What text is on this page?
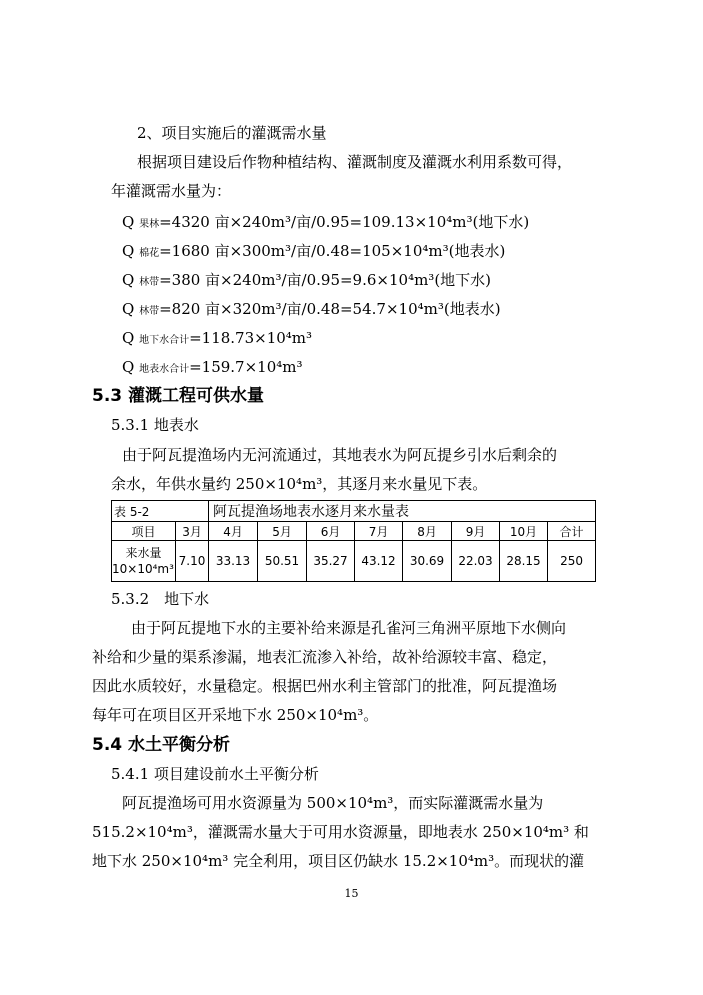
2、项目实施后的灌溉需水量
根据项目建设后作物种植结构、灌溉制度及灌溉水利用系数可得，
年灌溉需水量为：
Q 果林=4320 亩×240m³/亩/0.95=109.13×10⁴m³(地下水)
Q 棉花=1680 亩×300m³/亩/0.48=105×10⁴m³(地表水)
Q 林带=380 亩×240m³/亩/0.95=9.6×10⁴m³(地下水)
Q 林带=820 亩×320m³/亩/0.48=54.7×10⁴m³(地表水)
Q 地下水合计=118.73×10⁴m³
Q 地表水合计=159.7×10⁴m³
5.3 灌溉工程可供水量
5.3.1 地表水
由于阿瓦提渔场内无河流通过，其地表水为阿瓦提乡引水后剩余的
余水，年供水量约 250×10⁴m³，其逐月来水量见下表。
表 5-2		阿瓦提渔场地表水逐月来水量表							
项目	3月	4月	5月	6月	7月	8月	9月	10月	合计

来水量
10×10⁴m³	7.10	33.13	50.51	35.27	43.12	30.69	22.03	28.15	250
5.3.2　地下水
由于阿瓦提地下水的主要补给来源是孔雀河三角洲平原地下水侧向
补给和少量的渠系渗漏，地表汇流渗入补给，故补给源较丰富、稳定，
因此水质较好，水量稳定。根据巴州水利主管部门的批准，阿瓦提渔场
每年可在项目区开采地下水 250×10⁴m³。
5.4 水土平衡分析
5.4.1 项目建设前水土平衡分析
阿瓦提渔场可用水资源量为 500×10⁴m³，而实际灌溉需水量为
515.2×10⁴m³，灌溉需水量大于可用水资源量，即地表水 250×10⁴m³ 和
地下水 250×10⁴m³ 完全利用，项目区仍缺水 15.2×10⁴m³。而现状的灌
15
